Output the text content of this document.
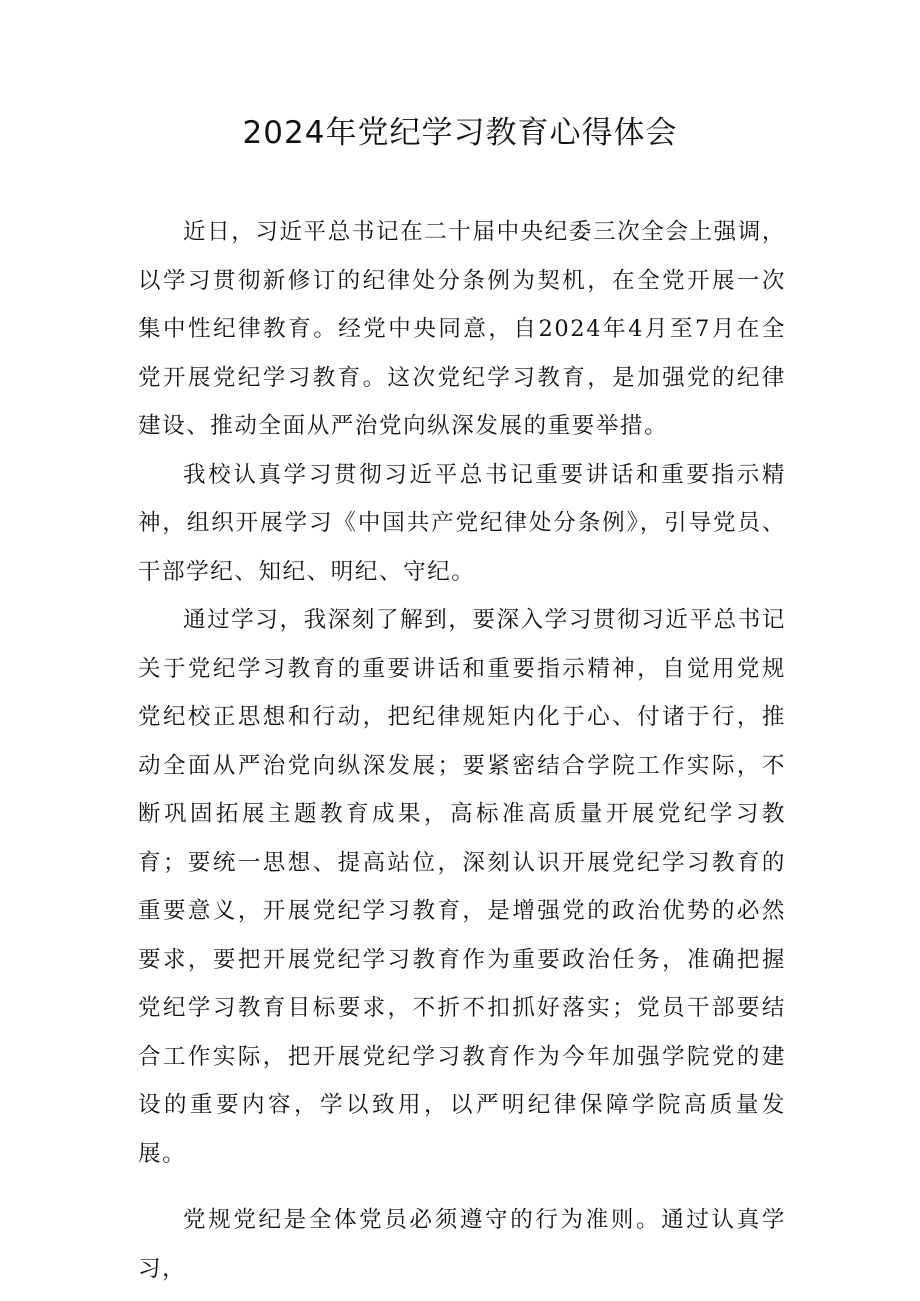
2024年党纪学习教育心得体会

近日，习近平总书记在二十届中央纪委三次全会上强调，以学习贯彻新修订的纪律处分条例为契机，在全党开展一次集中性纪律教育。经党中央同意，自2024年4月至7月在全党开展党纪学习教育。这次党纪学习教育，是加强党的纪律建设、推动全面从严治党向纵深发展的重要举措。

我校认真学习贯彻习近平总书记重要讲话和重要指示精神，组织开展学习《中国共产党纪律处分条例》，引导党员、干部学纪、知纪、明纪、守纪。

通过学习，我深刻了解到，要深入学习贯彻习近平总书记关于党纪学习教育的重要讲话和重要指示精神，自觉用党规党纪校正思想和行动，把纪律规矩内化于心、付诸于行，推动全面从严治党向纵深发展；要紧密结合学院工作实际，不断巩固拓展主题教育成果，高标准高质量开展党纪学习教育；要统一思想、提高站位，深刻认识开展党纪学习教育的重要意义，开展党纪学习教育，是增强党的政治优势的必然要求，要把开展党纪学习教育作为重要政治任务，准确把握党纪学习教育目标要求，不折不扣抓好落实；党员干部要结合工作实际，把开展党纪学习教育作为今年加强学院党的建设的重要内容，学以致用，以严明纪律保障学院高质量发展。

党规党纪是全体党员必须遵守的行为准则。通过认真学习，
